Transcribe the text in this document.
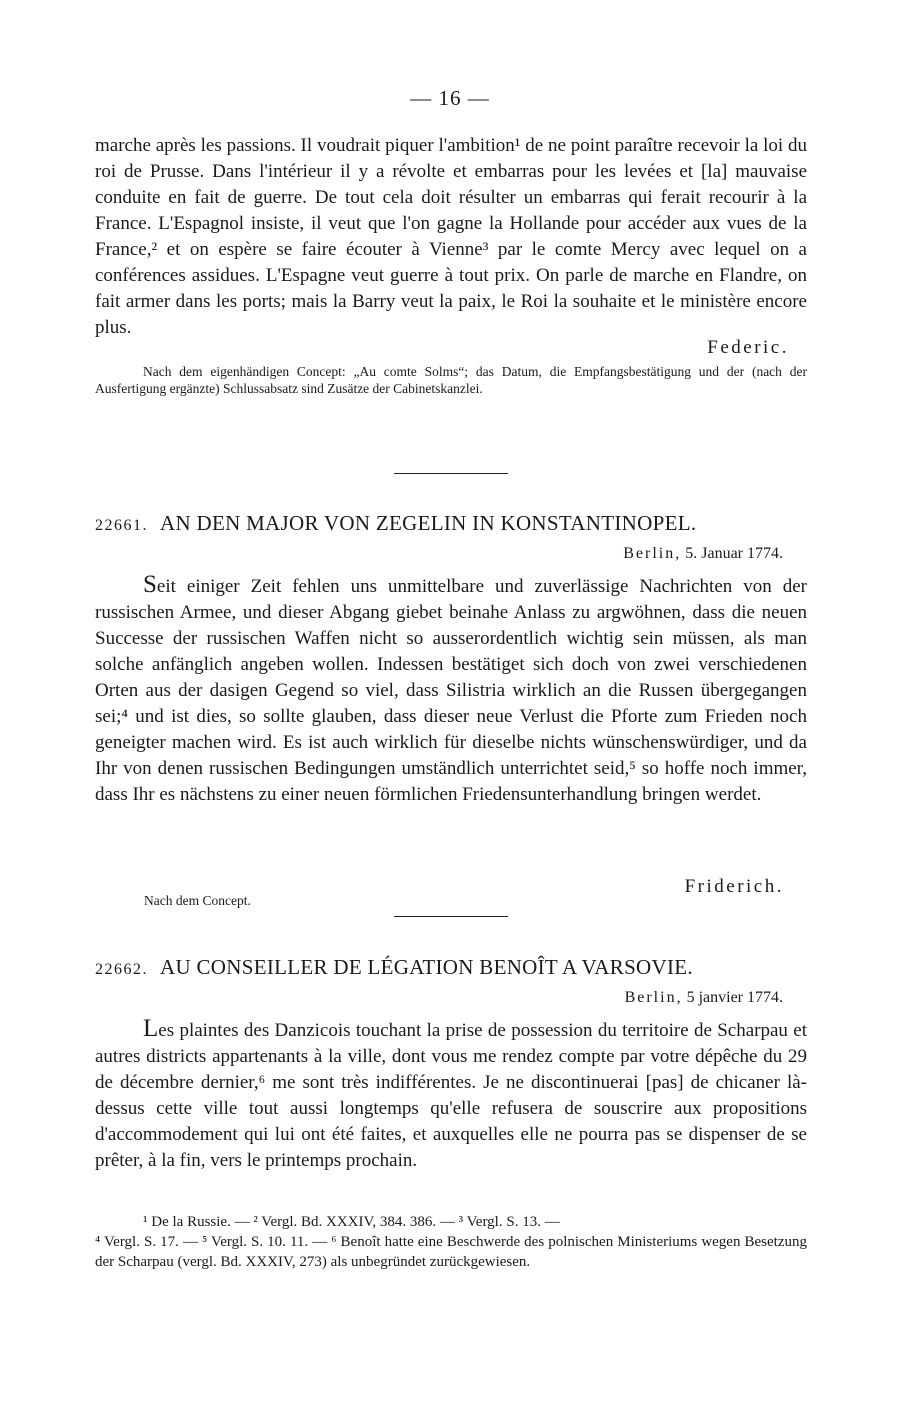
— 16 —

marche après les passions. Il voudrait piquer l'ambition¹ de ne point paraître recevoir la loi du roi de Prusse. Dans l'intérieur il y a révolte et embarras pour les levées et [la] mauvaise conduite en fait de guerre. De tout cela doit résulter un embarras qui ferait recourir à la France. L'Espagnol insiste, il veut que l'on gagne la Hollande pour accéder aux vues de la France,² et on espère se faire écouter à Vienne³ par le comte Mercy avec lequel on a conférences assidues. L'Espagne veut guerre à tout prix. On parle de marche en Flandre, on fait armer dans les ports; mais la Barry veut la paix, le Roi la souhaite et le ministère encore plus.

Federic.

Nach dem eigenhändigen Concept: „Au comte Solms“; das Datum, die Empfangsbestätigung und der (nach der Ausfertigung ergänzte) Schlussabsatz sind Zusätze der Cabinetskanzlei.

22661. AN DEN MAJOR VON ZEGELIN IN KONSTANTINOPEL.
Berlin, 5. Januar 1774.

Seit einiger Zeit fehlen uns unmittelbare und zuverlässige Nachrichten von der russischen Armee, und dieser Abgang giebet beinahe Anlass zu argwöhnen, dass die neuen Successe der russischen Waffen nicht so ausserordentlich wichtig sein müssen, als man solche anfänglich angeben wollen. Indessen bestätiget sich doch von zwei verschiedenen Orten aus der dasigen Gegend so viel, dass Silistria wirklich an die Russen übergegangen sei;⁴ und ist dies, so sollte glauben, dass dieser neue Verlust die Pforte zum Frieden noch geneigter machen wird. Es ist auch wirklich für dieselbe nichts wünschenswürdiger, und da Ihr von denen russischen Bedingungen umständlich unterrichtet seid,⁵ so hoffe noch immer, dass Ihr es nächstens zu einer neuen förmlichen Friedensunterhandlung bringen werdet.

Friderich.
Nach dem Concept.
22662. AU CONSEILLER DE LÉGATION BENOÎT A VARSOVIE.
Berlin, 5 janvier 1774.

Les plaintes des Danzicois touchant la prise de possession du territoire de Scharpau et autres districts appartenants à la ville, dont vous me rendez compte par votre dépêche du 29 de décembre dernier,⁶ me sont très indifférentes. Je ne discontinuerai [pas] de chicaner là-dessus cette ville tout aussi longtemps qu'elle refusera de souscrire aux propositions d'accommodement qui lui ont été faites, et auxquelles elle ne pourra pas se dispenser de se prêter, à la fin, vers le printemps prochain.

¹ De la Russie. — ² Vergl. Bd. XXXIV, 384. 386. — ³ Vergl. S. 13. —

⁴ Vergl. S. 17. — ⁵ Vergl. S. 10. 11. — ⁶ Benoît hatte eine Beschwerde des polnischen Ministeriums wegen Besetzung der Scharpau (vergl. Bd. XXXIV, 273) als unbegründet zurückgewiesen.
